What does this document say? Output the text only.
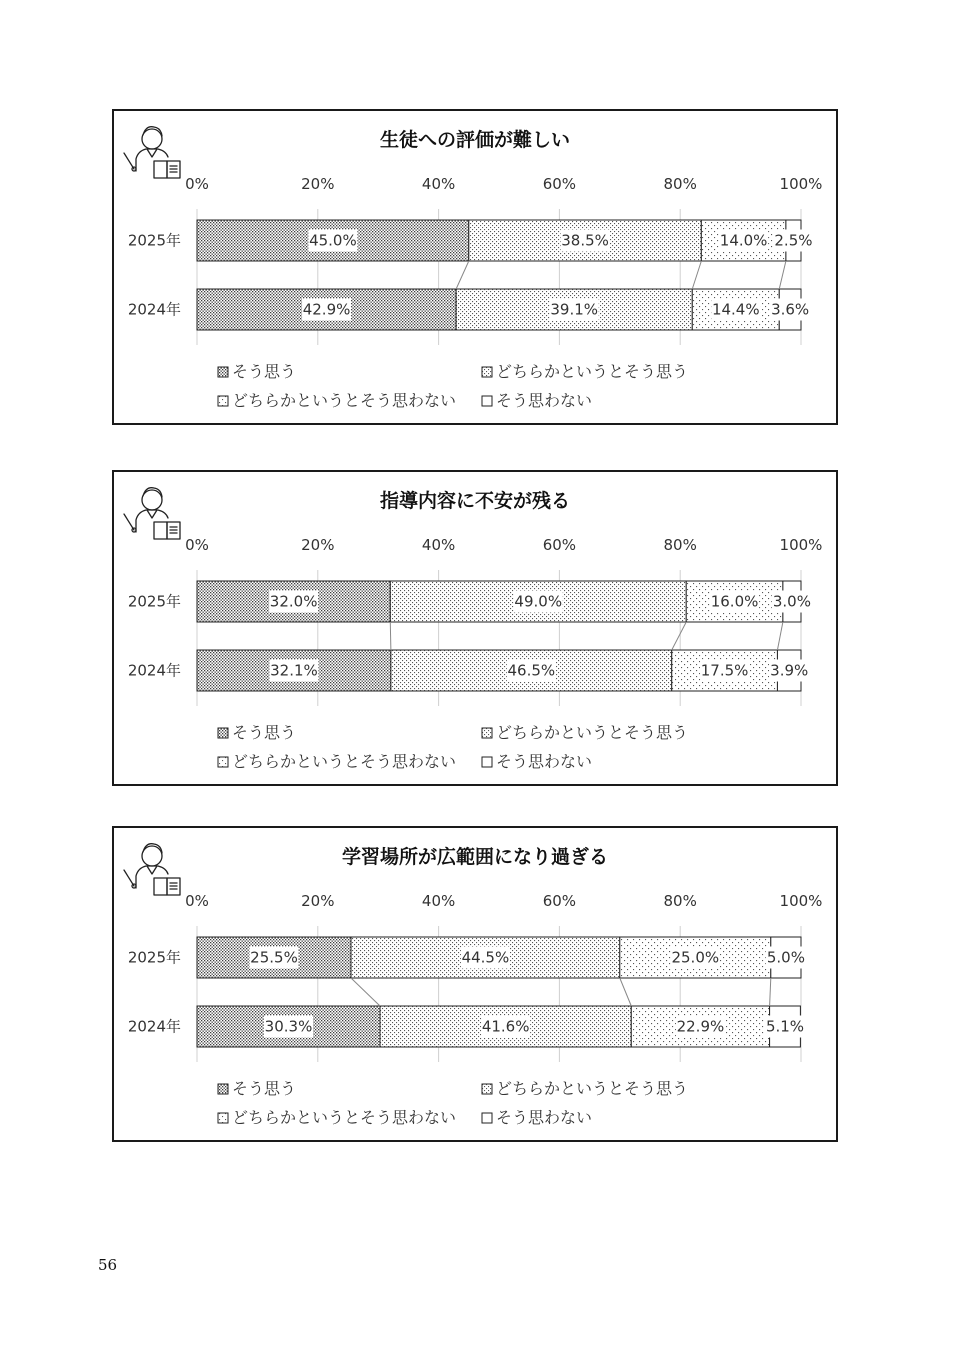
0%	20%	40%	60%	80%	100%
2025年
2024年
45.0%	38.5%	14.0% 2.5%
42.9%	39.1%	14.4% 3.6%
そう思う	どちらかというとそう思う
どちらかというとそう思わない そう思わない
生徒への評価が難しい
0%	20%	40%	60%	80%	100%
2025年
2024年
32.0%	49.0%	16.0% 3.0%
32.1%	46.5%	17.5% 3.9%
そう思う	どちらかというとそう思う
どちらかというとそう思わない そう思わない
指導内容に不安が残る
0%	20%	40%	60%	80%	100%
2025年
2024年
25.5%	44.5%	25.0%	5.0%
30.3%	41.6%	22.9%	5.1%
そう思う	どちらかというとそう思う
どちらかというとそう思わない そう思わない
学習場所が広範囲になり過ぎる
56
